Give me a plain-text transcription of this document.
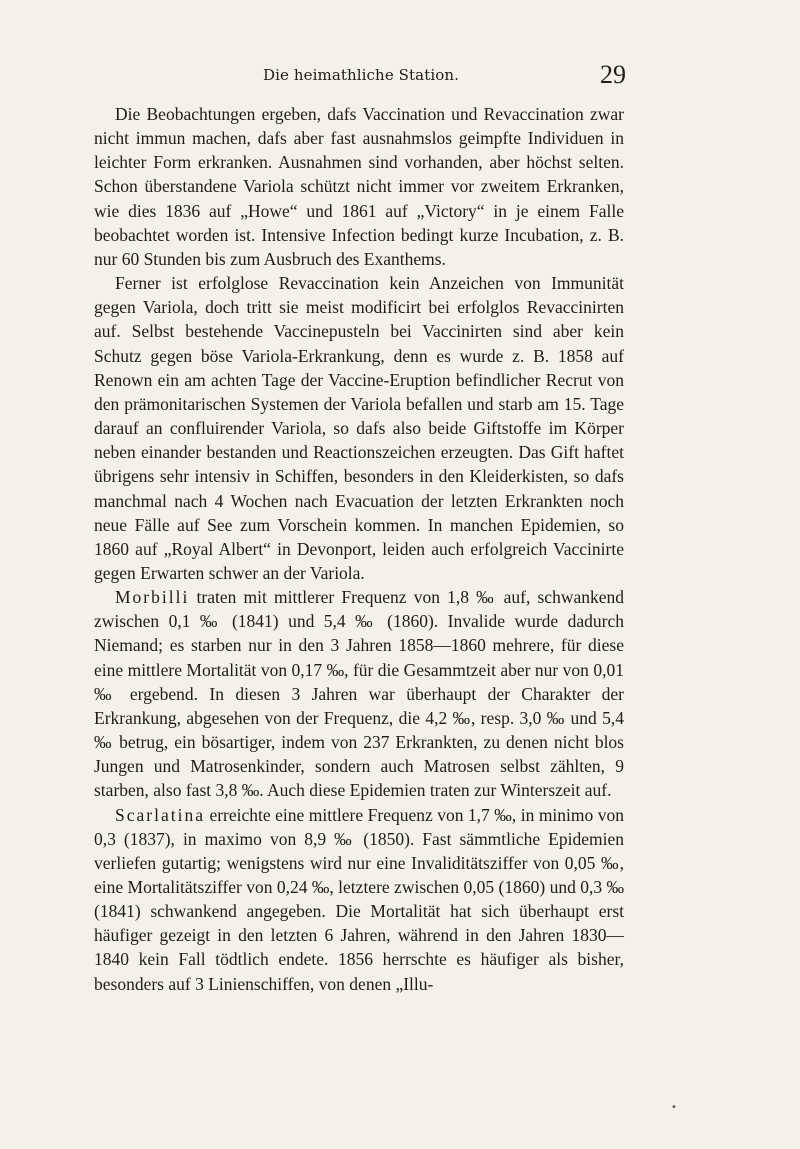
Die heimathliche Station.	29

Die Beobachtungen ergeben, dafs Vaccination und Revaccination zwar nicht immun machen, dafs aber fast ausnahmslos geimpfte Individuen in leichter Form erkranken. Ausnahmen sind vorhanden, aber höchst selten. Schon überstandene Variola schützt nicht immer vor zweitem Erkranken, wie dies 1836 auf „Howe“ und 1861 auf „Victory“ in je einem Falle beobachtet worden ist. Intensive Infection bedingt kurze Incubation, z. B. nur 60 Stunden bis zum Ausbruch des Exanthems.

Ferner ist erfolglose Revaccination kein Anzeichen von Immunität gegen Variola, doch tritt sie meist modificirt bei erfolglos Revaccinirten auf. Selbst bestehende Vaccinepusteln bei Vaccinirten sind aber kein Schutz gegen böse Variola-Erkrankung, denn es wurde z. B. 1858 auf Renown ein am achten Tage der Vaccine-Eruption befindlicher Recrut von den prämonitarischen Systemen der Variola befallen und starb am 15. Tage darauf an confluirender Variola, so dafs also beide Giftstoffe im Körper neben einander bestanden und Reactionszeichen erzeugten. Das Gift haftet übrigens sehr intensiv in Schiffen, besonders in den Kleiderkisten, so dafs manchmal nach 4 Wochen nach Evacuation der letzten Erkrankten noch neue Fälle auf See zum Vorschein kommen. In manchen Epidemien, so 1860 auf „Royal Albert“ in Devonport, leiden auch erfolgreich Vaccinirte gegen Erwarten schwer an der Variola.

Morbilli traten mit mittlerer Frequenz von 1,8 ‰ auf, schwankend zwischen 0,1 ‰ (1841) und 5,4 ‰ (1860). Invalide wurde dadurch Niemand; es starben nur in den 3 Jahren 1858—1860 mehrere, für diese eine mittlere Mortalität von 0,17 ‰, für die Gesammtzeit aber nur von 0,01 ‰ ergebend. In diesen 3 Jahren war überhaupt der Charakter der Erkrankung, abgesehen von der Frequenz, die 4,2 ‰, resp. 3,0 ‰ und 5,4 ‰ betrug, ein bösartiger, indem von 237 Erkrankten, zu denen nicht blos Jungen und Matrosenkinder, sondern auch Matrosen selbst zählten, 9 starben, also fast 3,8 ‰. Auch diese Epidemien traten zur Winterszeit auf.

Scarlatina erreichte eine mittlere Frequenz von 1,7 ‰, in minimo von 0,3 (1837), in maximo von 8,9 ‰ (1850). Fast sämmtliche Epidemien verliefen gutartig; wenigstens wird nur eine Invaliditätsziffer von 0,05 ‰, eine Mortalitätsziffer von 0,24 ‰, letztere zwischen 0,05 (1860) und 0,3 ‰ (1841) schwankend angegeben. Die Mortalität hat sich überhaupt erst häufiger gezeigt in den letzten 6 Jahren, während in den Jahren 1830—1840 kein Fall tödtlich endete. 1856 herrschte es häufiger als bisher, besonders auf 3 Linienschiffen, von denen „Illu-

•
